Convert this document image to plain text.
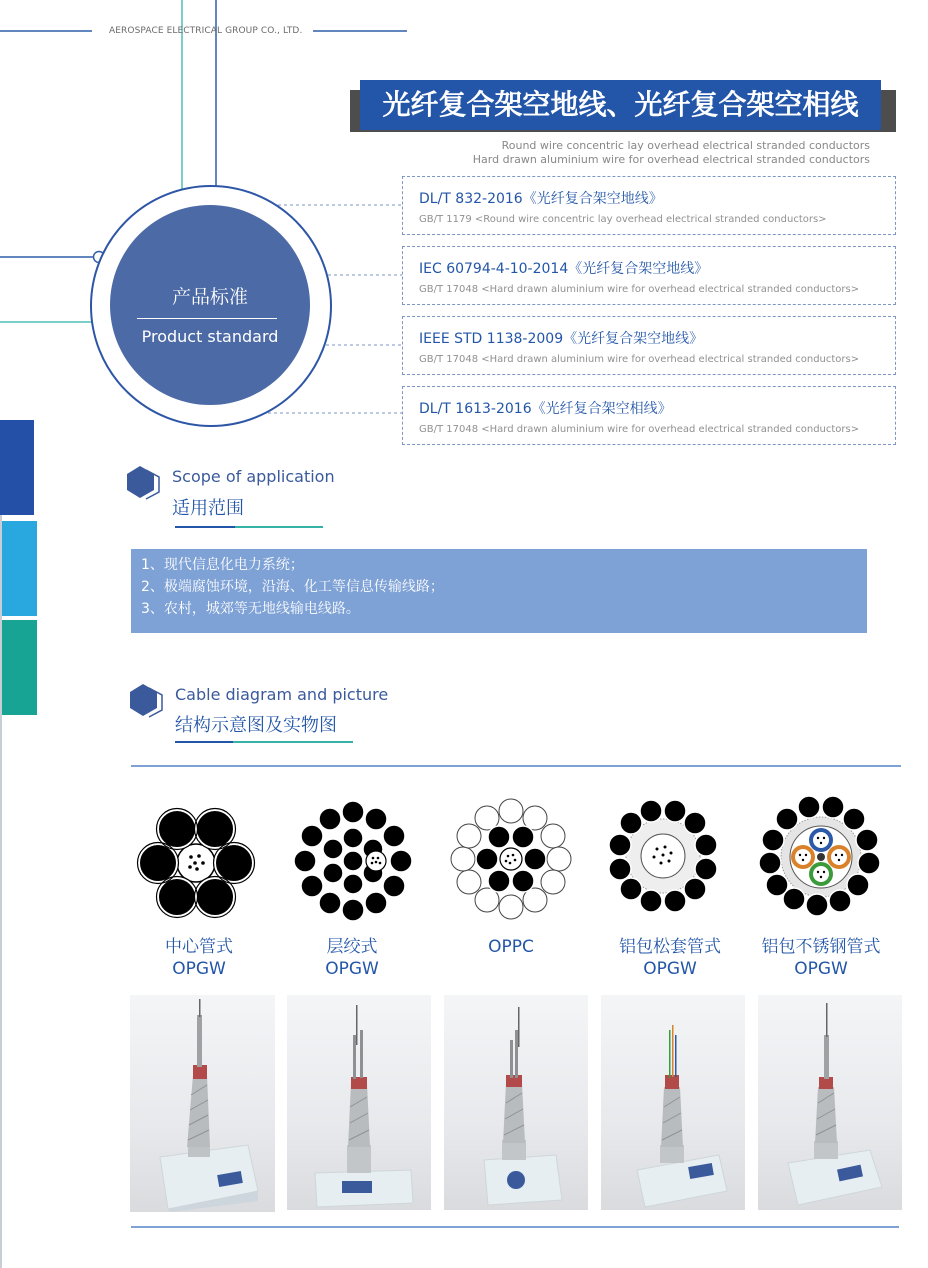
AEROSPACE ELECTRICAL GROUP CO., LTD.
光纤复合架空地线、光纤复合架空相线
Round wire concentric lay overhead electrical stranded conductors
Hard drawn aluminium wire for overhead electrical stranded conductors
产品标准
Product standard
DL/T 832-2016《光纤复合架空地线》
GB/T 1179 <Round wire concentric lay overhead electrical stranded conductors>
IEC 60794-4-10-2014《光纤复合架空地线》
GB/T 17048 <Hard drawn aluminium wire for overhead electrical stranded conductors>
IEEE STD 1138-2009《光纤复合架空地线》
GB/T 17048 <Hard drawn aluminium wire for overhead electrical stranded conductors>
DL/T 1613-2016《光纤复合架空相线》
GB/T 17048 <Hard drawn aluminium wire for overhead electrical stranded conductors>
Scope of application
适用范围
1、现代信息化电力系统；
2、极端腐蚀环境，沿海、化工等信息传输线路；
3、农村，城郊等无地线输电线路。
Cable diagram and picture
结构示意图及实物图
中心管式
OPGW
层绞式
OPGW
OPPC	铝包松套管式
OPGW
铝包不锈钢管式
OPGW
